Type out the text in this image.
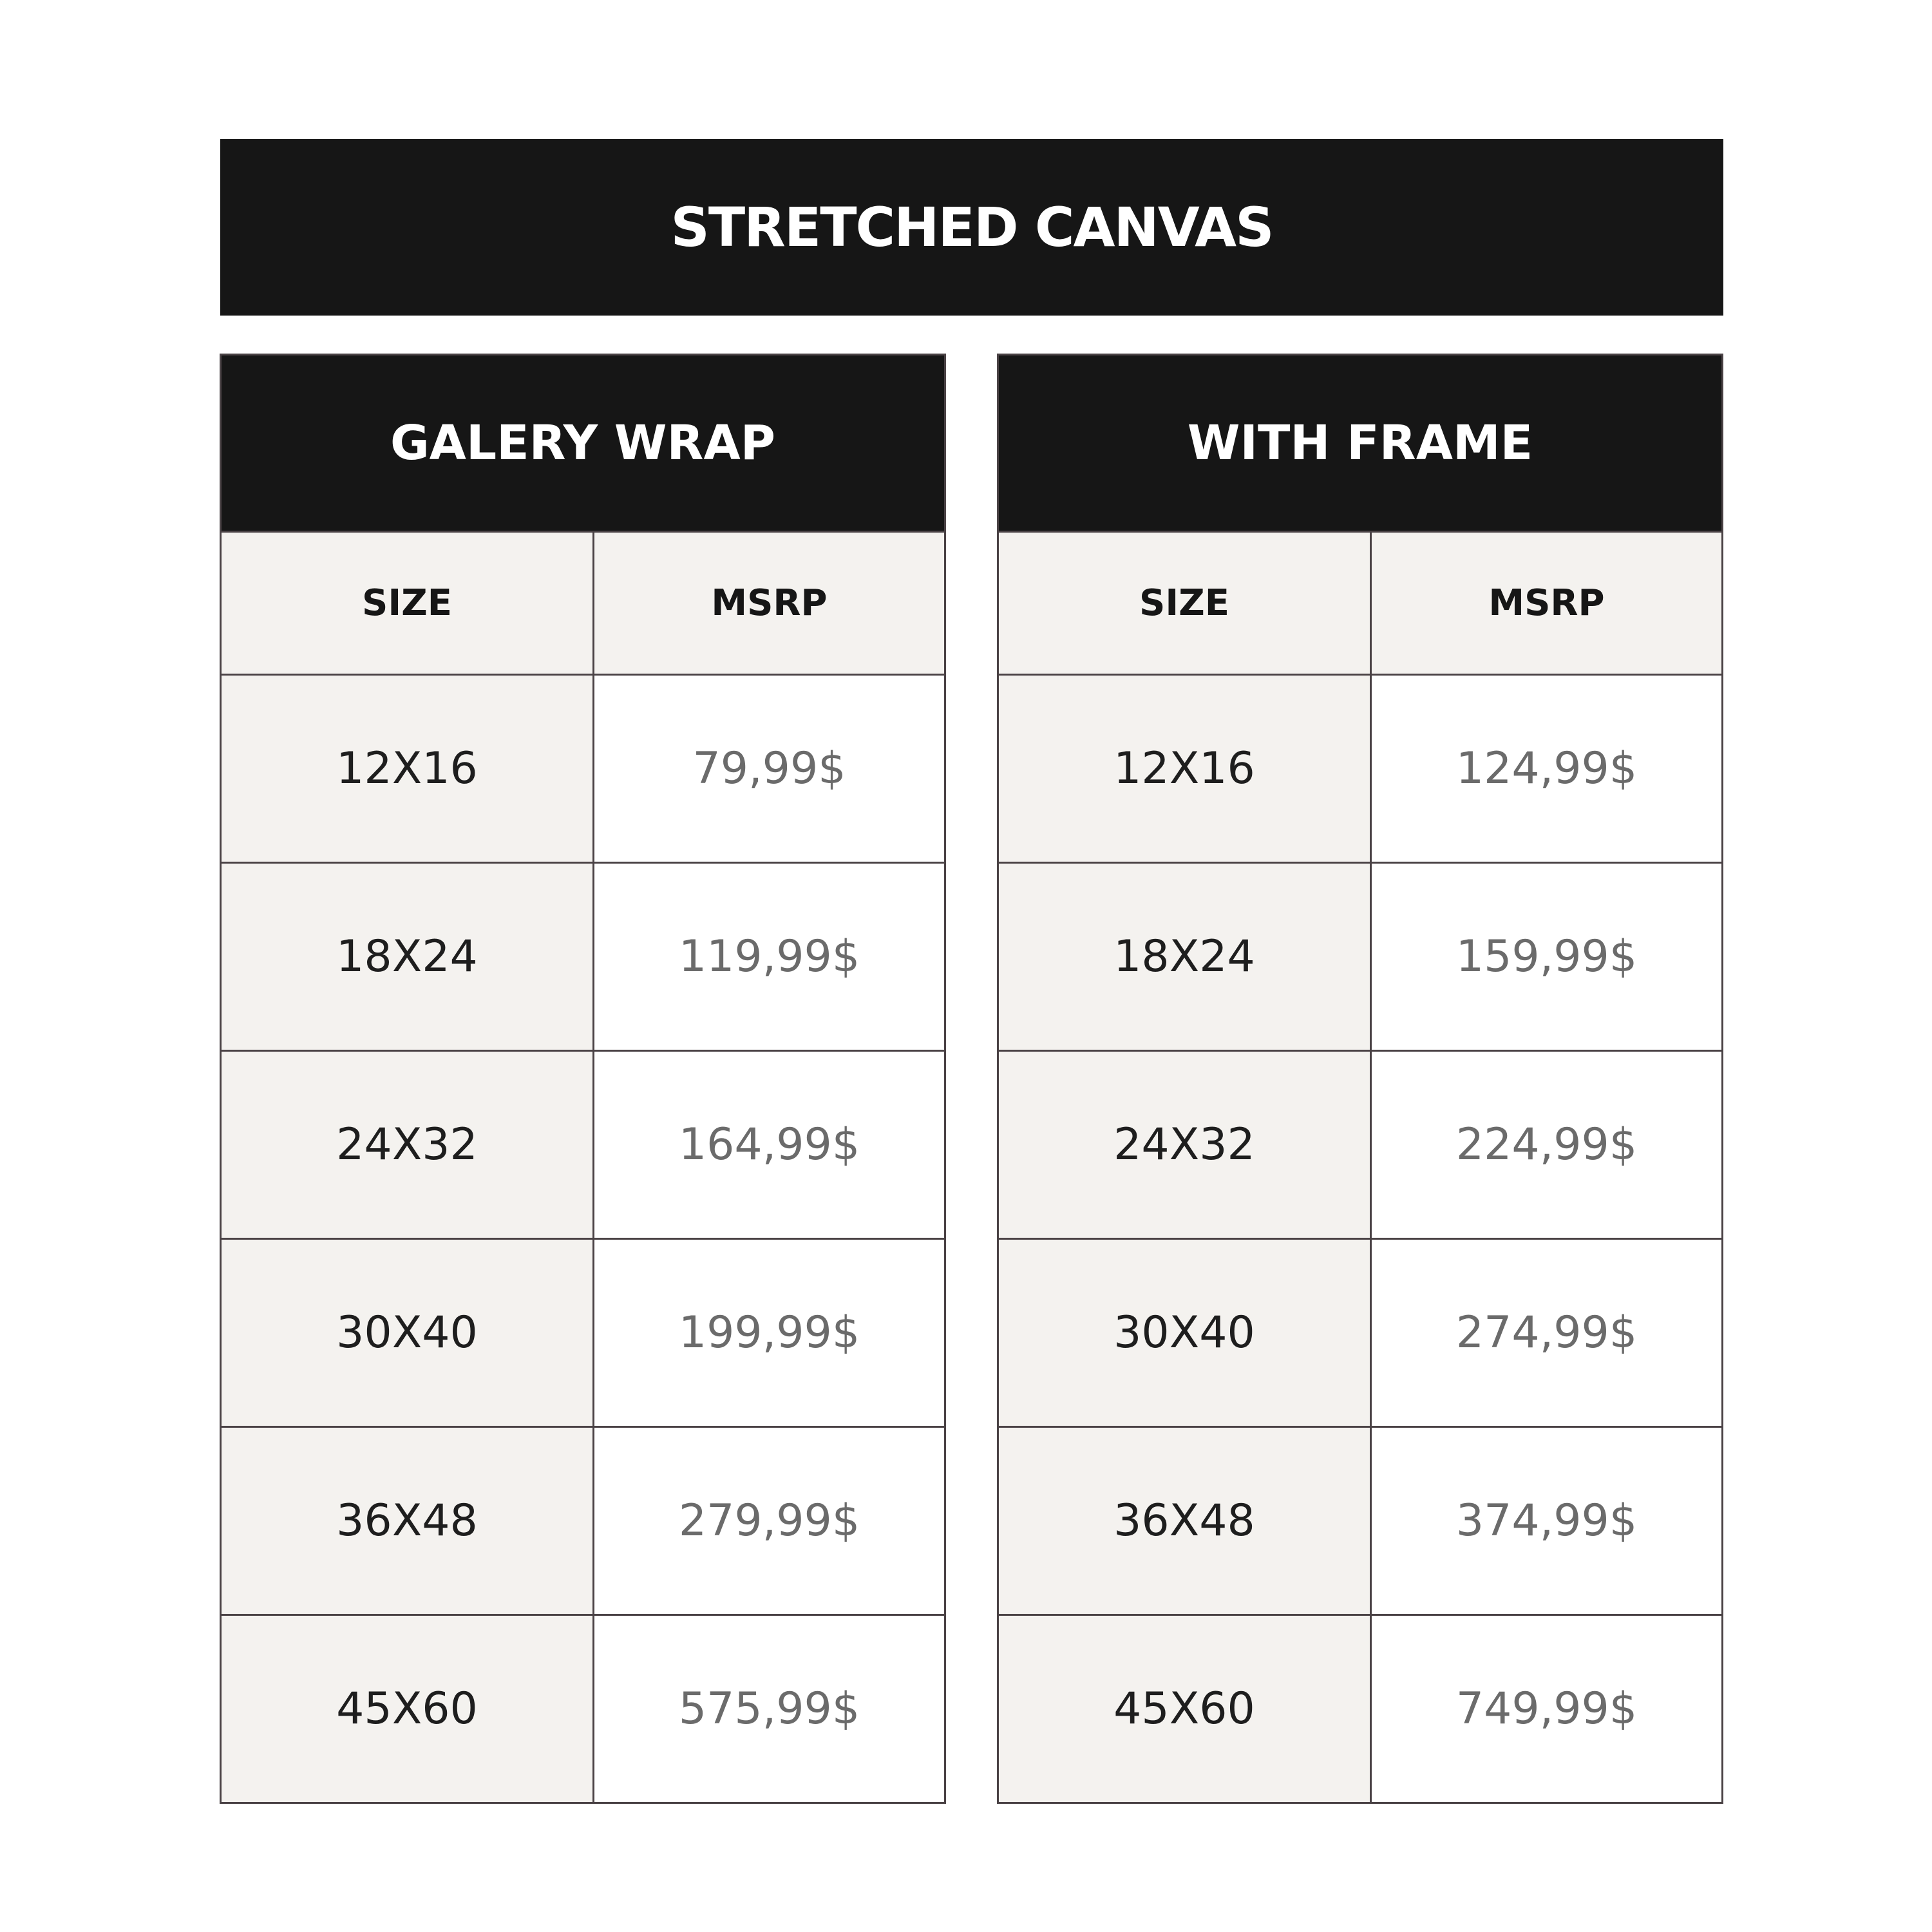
STRETCHED CANVAS
GALERY WRAP
SIZE	MSRP
12X16	79,99$
18X24	119,99$
24X32	164,99$
30X40	199,99$
36X48	279,99$
45X60	575,99$
WITH FRAME
SIZE	MSRP
12X16	124,99$
18X24	159,99$
24X32	224,99$
30X40	274,99$
36X48	374,99$
45X60	749,99$
